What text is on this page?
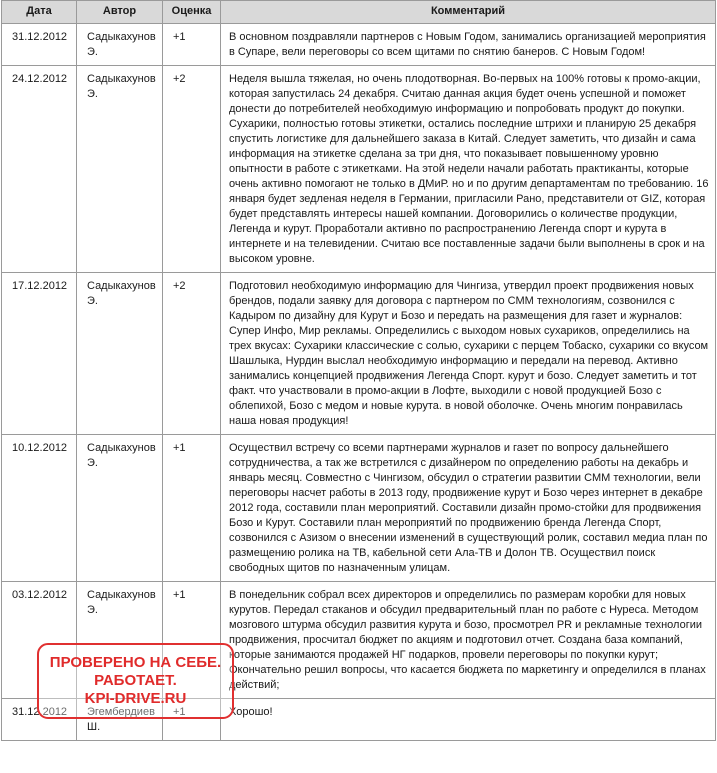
Дата	Автор	Оценка	Комментарий
31.12.2012	Садыкахунов Э.	+1	В основном поздравляли партнеров с Новым Годом, занимались организацией мероприятия в Супаре, вели переговоры со всем щитами по снятию банеров. С Новым Годом!
24.12.2012	Садыкахунов Э.	+2	Неделя вышла тяжелая, но очень плодотворная. Во-первых на 100% готовы к промо-акции, которая запустилась 24 декабря. Считаю данная акция будет очень успешной и поможет донести до потребителей необходимую информацию и попробовать продукт до покупки. Сухарики, полностью готовы этикетки, остались последние штрихи и планирую 25 декабря спустить логистике для дальнейшего заказа в Китай. Следует заметить, что дизайн и сама информация на этикетке сделана за три дня, что показывает повышенному уровню опытности в работе с этикетками. На этой недели начали работать практиканты, которые очень активно помогают не только в ДМиР. но и по другим департаментам по требованию. 16 января будет зедленая неделя в Германии, пригласили Рано, представители от GIZ, которая будет представлять интересы нашей компании. Договорились о количестве продукции, Легенда и курут. Проработали активно по распространению Легенда спорт и курута в интернете и на телевидении. Считаю все поставленные задачи были выполнены в срок и на высоком уровне.
17.12.2012	Садыкахунов Э.	+2	Подготовил необходимую информацию для Чингиза, утвердил проект продвижения новых брендов, подали заявку для договора с партнером по СММ технологиям, созвонился с Кадыром по дизайну для Курут и Бозо и передать на размещения для газет и журналов: Супер Инфо, Мир рекламы. Определились с выходом новых сухариков, определились на трех вкусах: Сухарики классические с солью, сухарики с перцем Тобаско, сухарики со вкусом Шашлыка, Нурдин выслал необходимую информацию и передали на перевод. Активно занимались концепцией продвижения Легенда Спорт. курут и бозо. Следует заметить и тот факт. что участвовали в промо-акции в Лофте, выходили с новой продукцией Бозо с облепихой, Бозо с медом и новые курута. в новой оболочке. Очень многим понравилась наша новая продукция!
10.12.2012	Садыкахунов Э.	+1	Осуществил встречу со всеми партнерами журналов и газет по вопросу дальнейшего сотрудничества, а так же встретился с дизайнером по определению работы на декабрь и январь месяц. Совместно с Чингизом, обсудил о стратегии развитии СММ технологии, вели переговоры насчет работы в 2013 году, продвижение курут и Бозо через интернет в декабре 2012 года, составили план мероприятий. Составили дизайн промо-стойки для продвижения Бозо и Курут. Составили план мероприятий по продвижению бренда Легенда Спорт, созвонился с Азизом о внесении изменений в существующий ролик, составил медиа план по размещению ролика на ТВ, кабельной сети Ала-ТВ и Долон ТВ. Осуществил поиск свободных щитов по назначенным улицам.
03.12.2012	Садыкахунов Э.	+1	В понедельник собрал всех директоров и определились по размерам коробки для новых курутов. Передал стаканов и обсудил предварительный план по работе с Нуреса. Методом мозгового штурма обсудил развития курута и бозо, просмотрел PR и рекламные технологии продвижения, просчитал бюджет по акциям и подготовил отчет. Создана база компаний, которые занимаются продажей НГ подарков, провели переговоры по покупки курут; Окончательно решил вопросы, что касается бюджета по маркетингу и определился в планах действий;
31.12.2012	Эгембердиев Ш.	+1	Хорошо!
ПРОВЕРЕНО НА СЕБЕ.
РАБОТАЕТ.
KPI-DRIVE.RU
